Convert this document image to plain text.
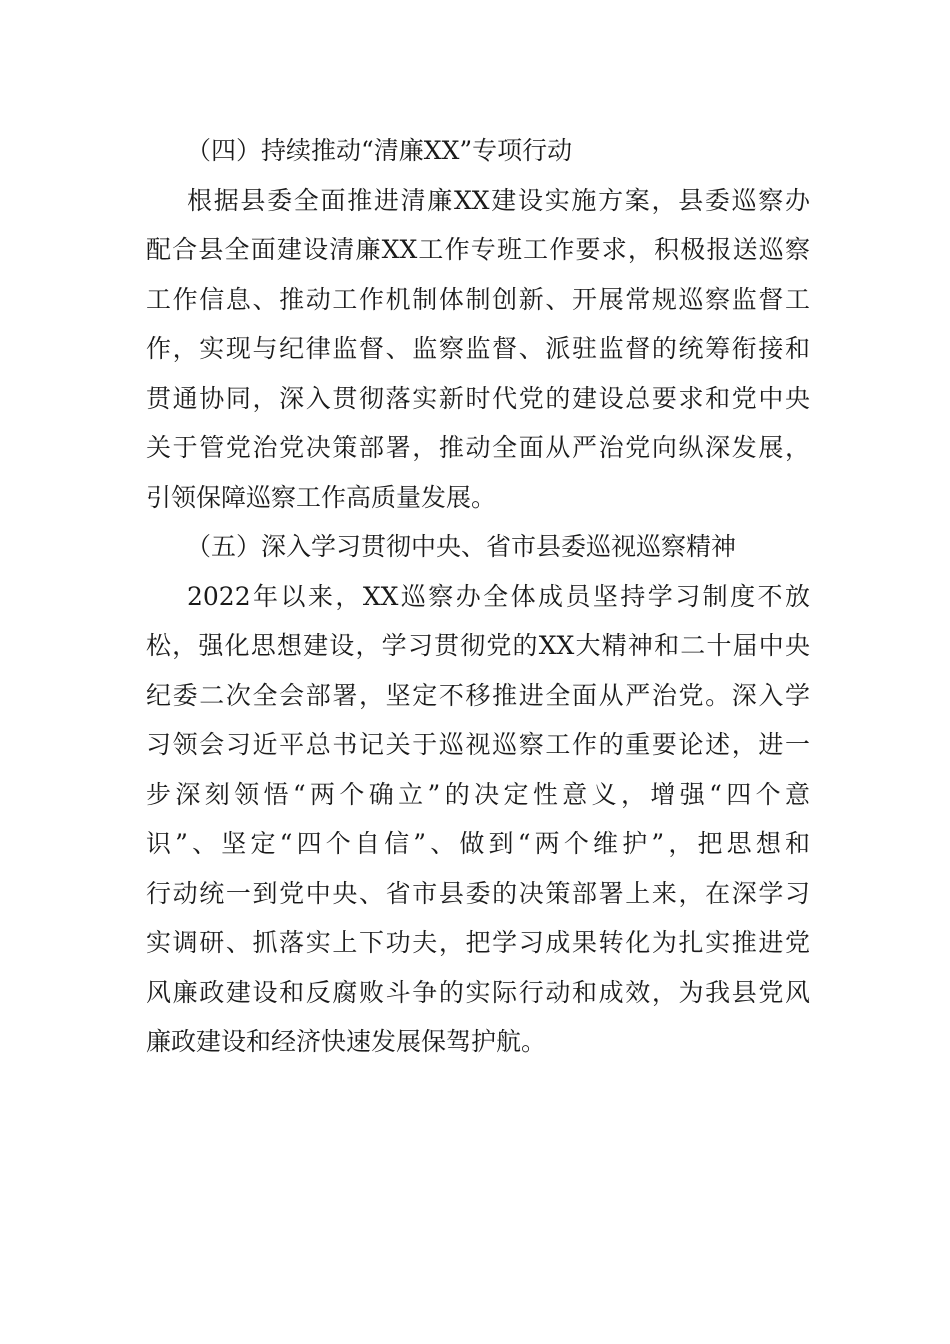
（四）持续推动“清廉XX”专项行动

根据县委全面推进清廉XX建设实施方案，县委巡察办
配合县全面建设清廉XX工作专班工作要求，积极报送巡察
工作信息、推动工作机制体制创新、开展常规巡察监督工
作，实现与纪律监督、监察监督、派驻监督的统筹衔接和
贯通协同，深入贯彻落实新时代党的建设总要求和党中央
关于管党治党决策部署，推动全面从严治党向纵深发展，
引领保障巡察工作高质量发展。

（五）深入学习贯彻中央、省市县委巡视巡察精神

2022年以来，XX巡察办全体成员坚持学习制度不放
松，强化思想建设，学习贯彻党的XX大精神和二十届中央
纪委二次全会部署，坚定不移推进全面从严治党。深入学
习领会习近平总书记关于巡视巡察工作的重要论述，进一
步深刻领悟“两个确立”的决定性意义，增强“四个意
识”、坚定“四个自信”、做到“两个维护”，把思想和
行动统一到党中央、省市县委的决策部署上来，在深学习
实调研、抓落实上下功夫，把学习成果转化为扎实推进党
风廉政建设和反腐败斗争的实际行动和成效，为我县党风
廉政建设和经济快速发展保驾护航。
